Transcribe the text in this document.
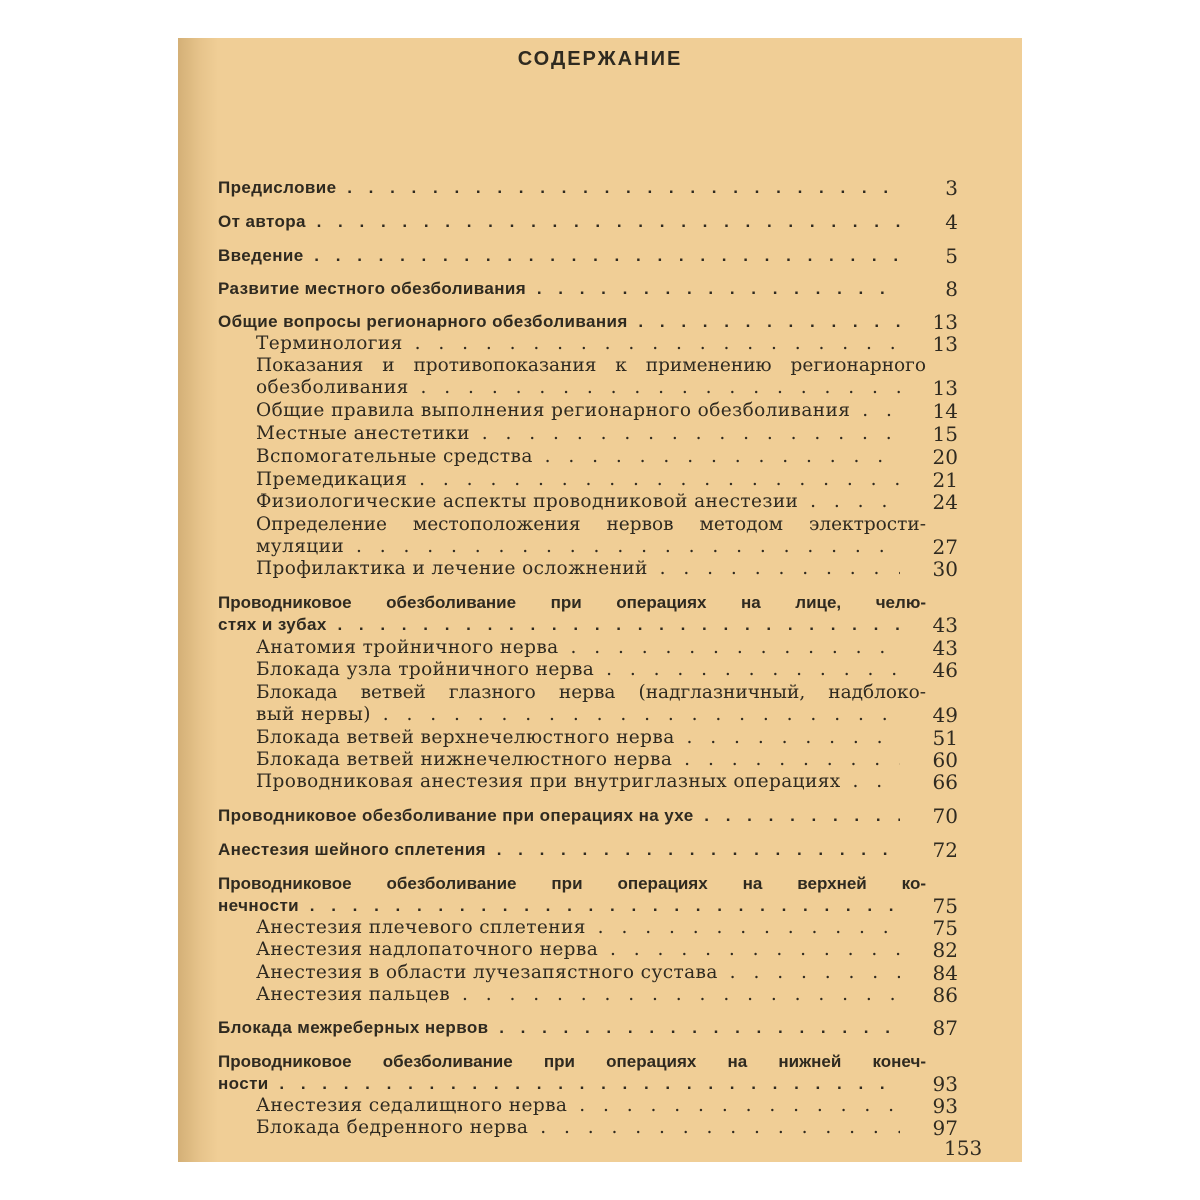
СОДЕРЖАНИЕ
Предисловие . . .	3
От автора . . .	4
Введение . . .	5
Развитие местного обезболивания . . .	8
Общие вопросы регионарного обезболивания . . .	13
Терминология . . .	13
Показания и противопоказания к применению регионарного
обезболивания . . .	13
Общие правила выполнения регионарного обезболивания . . .	14
Местные анестетики . . .	15
Вспомогательные средства . . .	20
Премедикация . . .	21
Физиологические аспекты проводниковой анестезии . . .	24
Определение местоположения нервов методом электрости-
муляции . . .	27
Профилактика и лечение осложнений . . .	30
Проводниковое обезболивание при операциях на лице, челю-
стях и зубах . . .	43
Анатомия тройничного нерва . . .	43
Блокада узла тройничного нерва . . .	46
Блокада ветвей глазного нерва (надглазничный, надблоко-
вый нервы) . . .	49
Блокада ветвей верхнечелюстного нерва . . .	51
Блокада ветвей нижнечелюстного нерва . . .	60
Проводниковая анестезия при внутриглазных операциях . . .	66
Проводниковое обезболивание при операциях на ухе . . .	70
Анестезия шейного сплетения . . .	72
Проводниковое обезболивание при операциях на верхней ко-
нечности . . .	75
Анестезия плечевого сплетения . . .	75
Анестезия надлопаточного нерва . . .	82
Анестезия в области лучезапястного сустава . . .	84
Анестезия пальцев . . .	86
Блокада межреберных нервов . . .	87
Проводниковое обезболивание при операциях на нижней конеч-
ности . . .	93
Анестезия седалищного нерва . . .	93
Блокада бедренного нерва . . .	97
153
